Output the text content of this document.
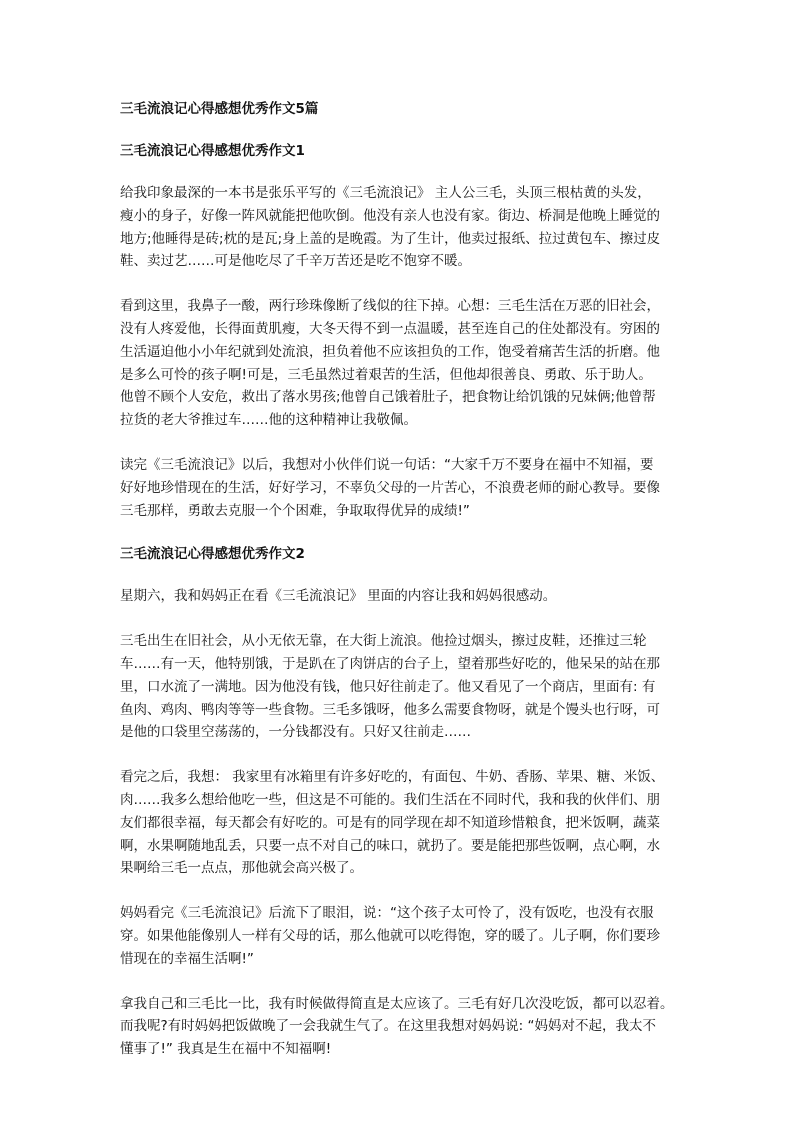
三毛流浪记心得感想优秀作文5篇
三毛流浪记心得感想优秀作文1

给我印象最深的一本书是张乐平写的《三毛流浪记》 主人公三毛，头顶三根枯黄的头发，
瘦小的身子，好像一阵风就能把他吹倒。他没有亲人也没有家。街边、桥洞是他晚上睡觉的
地方;他睡得是砖;枕的是瓦;身上盖的是晚霞。为了生计，他卖过报纸、拉过黄包车、擦过皮
鞋、卖过艺……可是他吃尽了千辛万苦还是吃不饱穿不暖。

看到这里，我鼻子一酸，两行珍珠像断了线似的往下掉。心想：三毛生活在万恶的旧社会，
没有人疼爱他，长得面黄肌瘦，大冬天得不到一点温暖，甚至连自己的住处都没有。穷困的
生活逼迫他小小年纪就到处流浪，担负着他不应该担负的工作，饱受着痛苦生活的折磨。他
是多么可怜的孩子啊!可是，三毛虽然过着艰苦的生活，但他却很善良、勇敢、乐于助人。
他曾不顾个人安危，救出了落水男孩;他曾自己饿着肚子，把食物让给饥饿的兄妹俩;他曾帮
拉货的老大爷推过车……他的这种精神让我敬佩。

读完《三毛流浪记》以后，我想对小伙伴们说一句话：“大家千万不要身在福中不知福，要
好好地珍惜现在的生活，好好学习，不辜负父母的一片苦心，不浪费老师的耐心教导。要像
三毛那样，勇敢去克服一个个困难，争取取得优异的成绩!”

三毛流浪记心得感想优秀作文2

星期六，我和妈妈正在看《三毛流浪记》 里面的内容让我和妈妈很感动。

三毛出生在旧社会，从小无依无靠，在大街上流浪。他捡过烟头，擦过皮鞋，还推过三轮
车……有一天，他特别饿，于是趴在了肉饼店的台子上，望着那些好吃的，他呆呆的站在那
里，口水流了一满地。因为他没有钱，他只好往前走了。他又看见了一个商店，里面有: 有
鱼肉、鸡肉、鸭肉等等一些食物。三毛多饿呀，他多么需要食物呀，就是个馒头也行呀，可
是他的口袋里空荡荡的，一分钱都没有。只好又往前走……

看完之后，我想： 我家里有冰箱里有许多好吃的，有面包、牛奶、香肠、苹果、糖、米饭、
肉……我多么想给他吃一些，但这是不可能的。我们生活在不同时代，我和我的伙伴们、朋
友们都很幸福，每天都会有好吃的。可是有的同学现在却不知道珍惜粮食，把米饭啊，蔬菜
啊，水果啊随地乱丢，只要一点不对自己的味口，就扔了。要是能把那些饭啊，点心啊，水
果啊给三毛一点点，那他就会高兴极了。

妈妈看完《三毛流浪记》后流下了眼泪，说：“这个孩子太可怜了，没有饭吃，也没有衣服
穿。如果他能像别人一样有父母的话，那么他就可以吃得饱，穿的暖了。儿子啊，你们要珍
惜现在的幸福生活啊!”

拿我自己和三毛比一比，我有时候做得简直是太应该了。三毛有好几次没吃饭，都可以忍着。
而我呢?有时妈妈把饭做晚了一会我就生气了。在这里我想对妈妈说: “妈妈对不起，我太不
懂事了!” 我真是生在福中不知福啊!
